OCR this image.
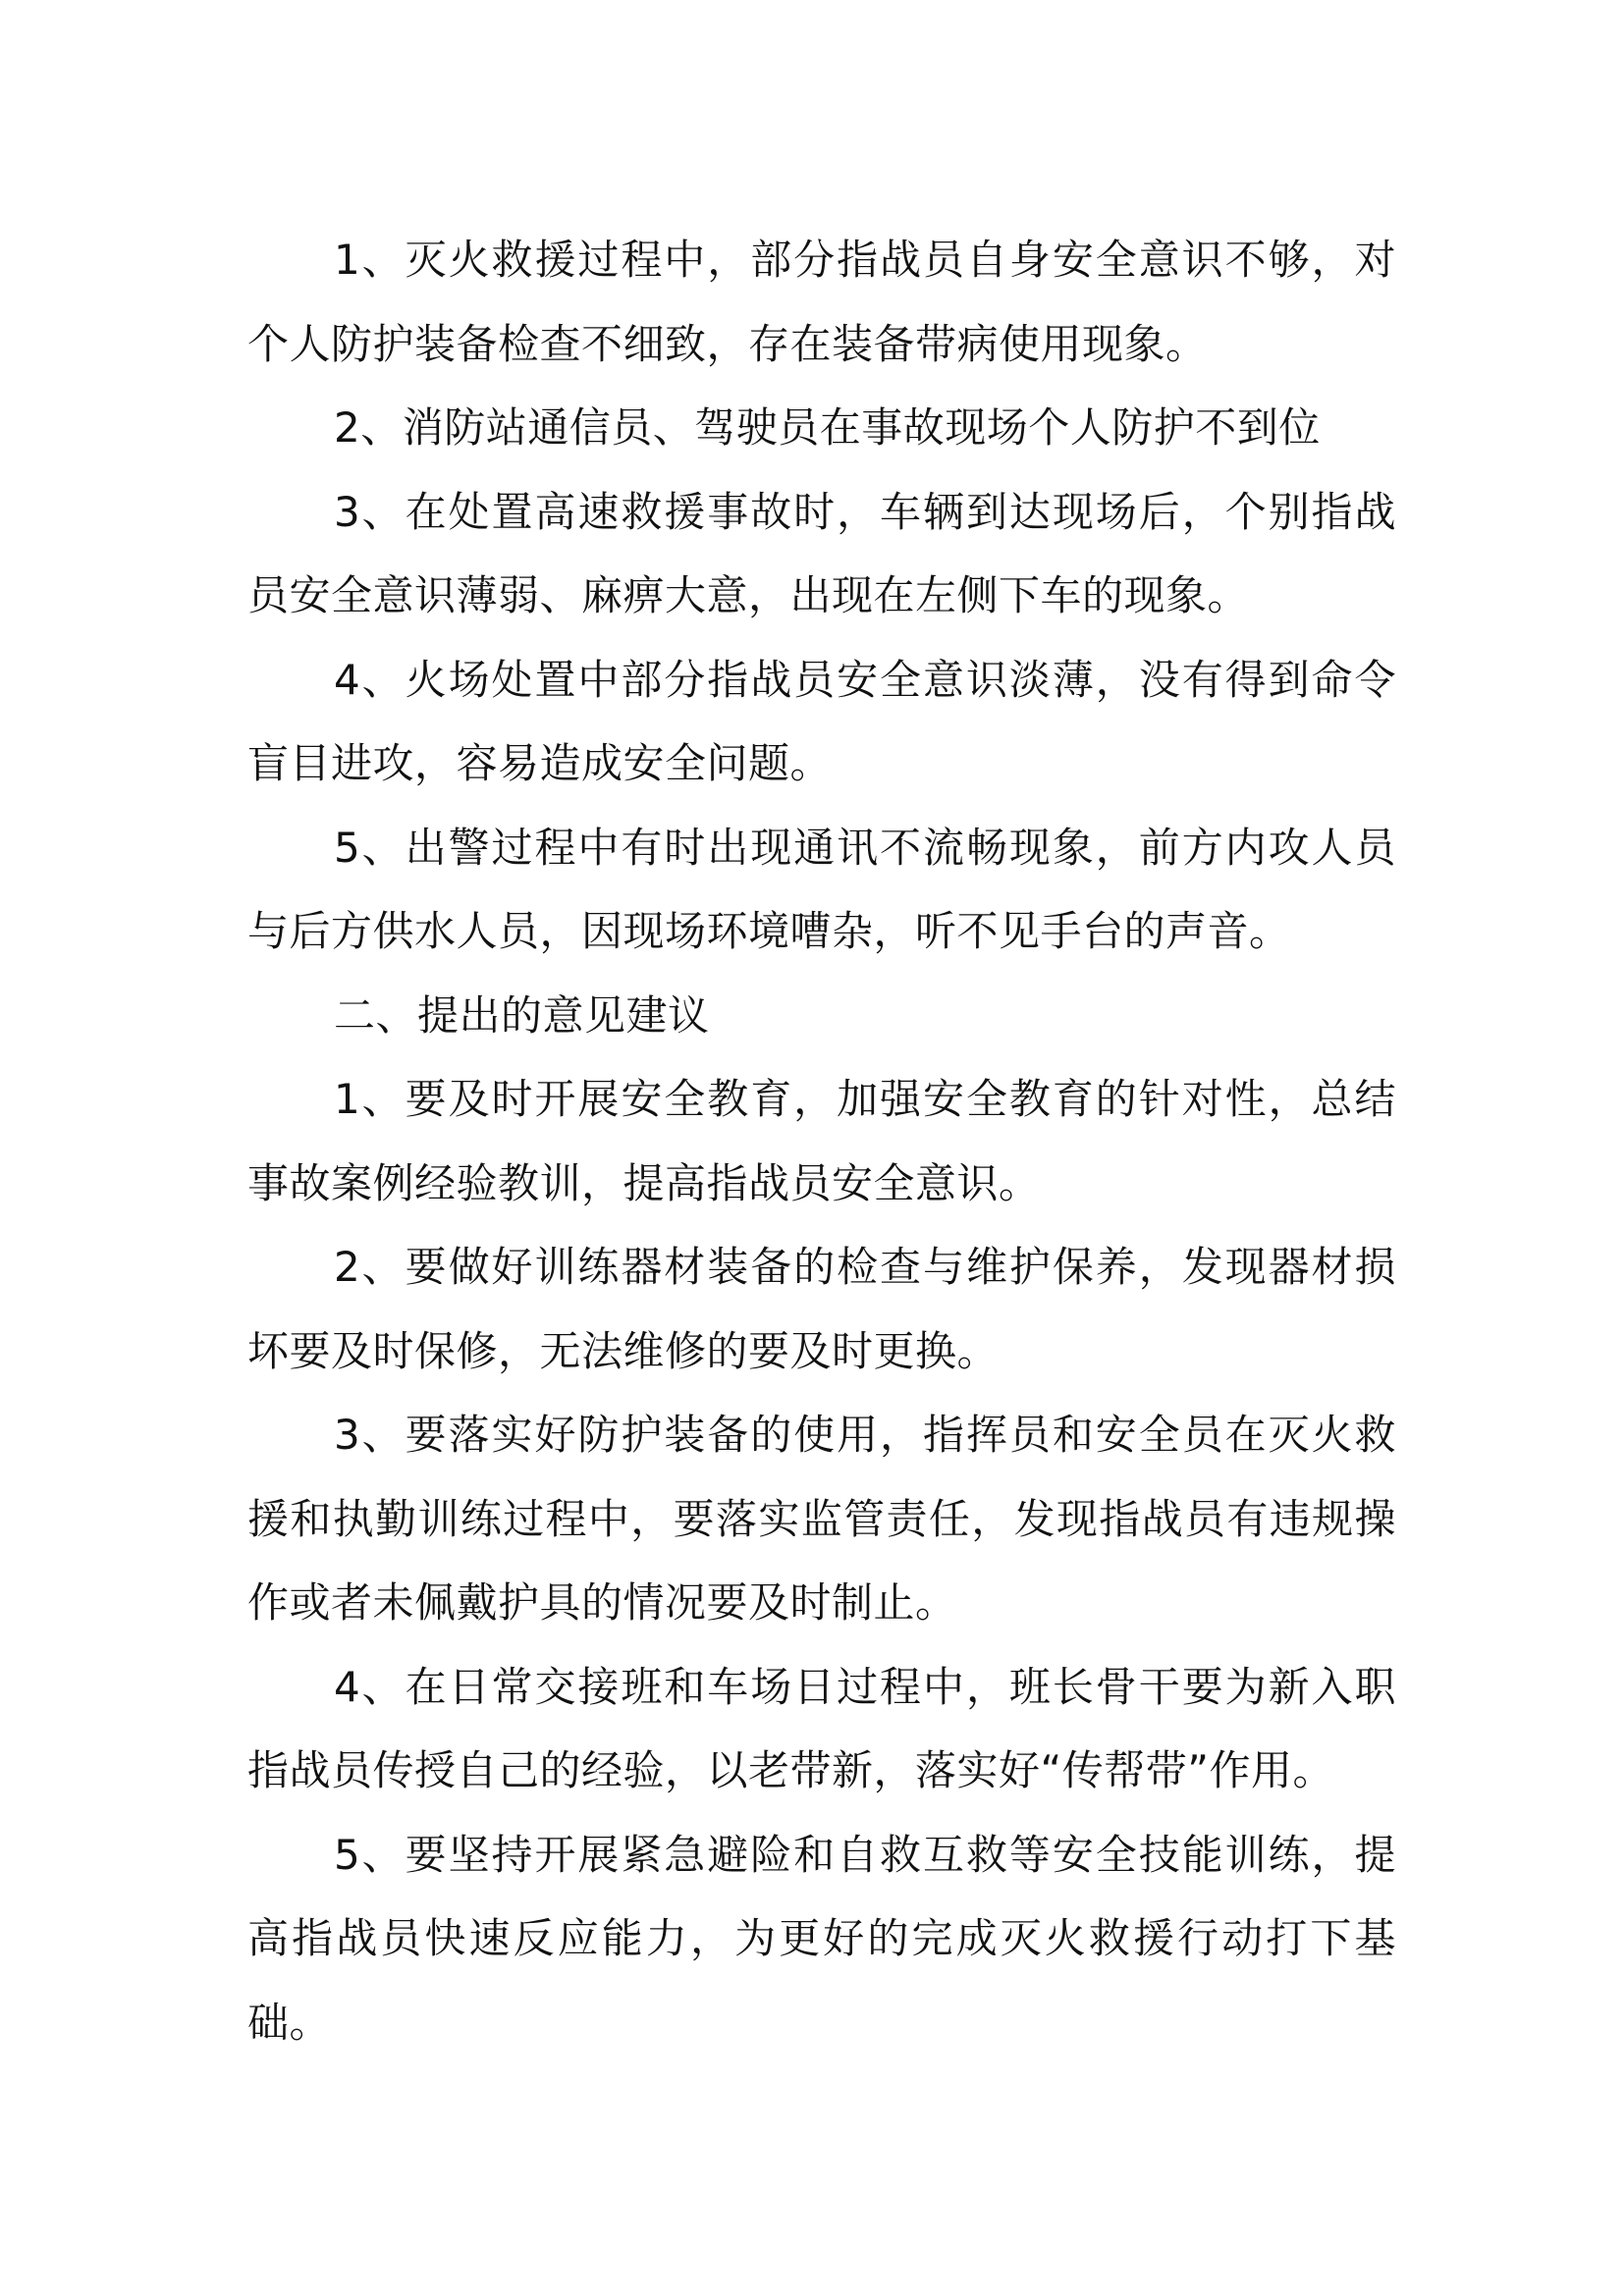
1、灭火救援过程中，部分指战员自身安全意识不够，对个人防护装备检查不细致，存在装备带病使用现象。

2、消防站通信员、驾驶员在事故现场个人防护不到位

3、在处置高速救援事故时，车辆到达现场后，个别指战员安全意识薄弱、麻痹大意，出现在左侧下车的现象。

4、火场处置中部分指战员安全意识淡薄，没有得到命令盲目进攻，容易造成安全问题。

5、出警过程中有时出现通讯不流畅现象，前方内攻人员与后方供水人员，因现场环境嘈杂，听不见手台的声音。

二、提出的意见建议

1、要及时开展安全教育，加强安全教育的针对性，总结事故案例经验教训，提高指战员安全意识。

2、要做好训练器材装备的检查与维护保养，发现器材损坏要及时保修，无法维修的要及时更换。

3、要落实好防护装备的使用，指挥员和安全员在灭火救援和执勤训练过程中，要落实监管责任，发现指战员有违规操作或者未佩戴护具的情况要及时制止。

4、在日常交接班和车场日过程中，班长骨干要为新入职指战员传授自己的经验，以老带新，落实好“传帮带”作用。

5、要坚持开展紧急避险和自救互救等安全技能训练，提高指战员快速反应能力，为更好的完成灭火救援行动打下基础。
